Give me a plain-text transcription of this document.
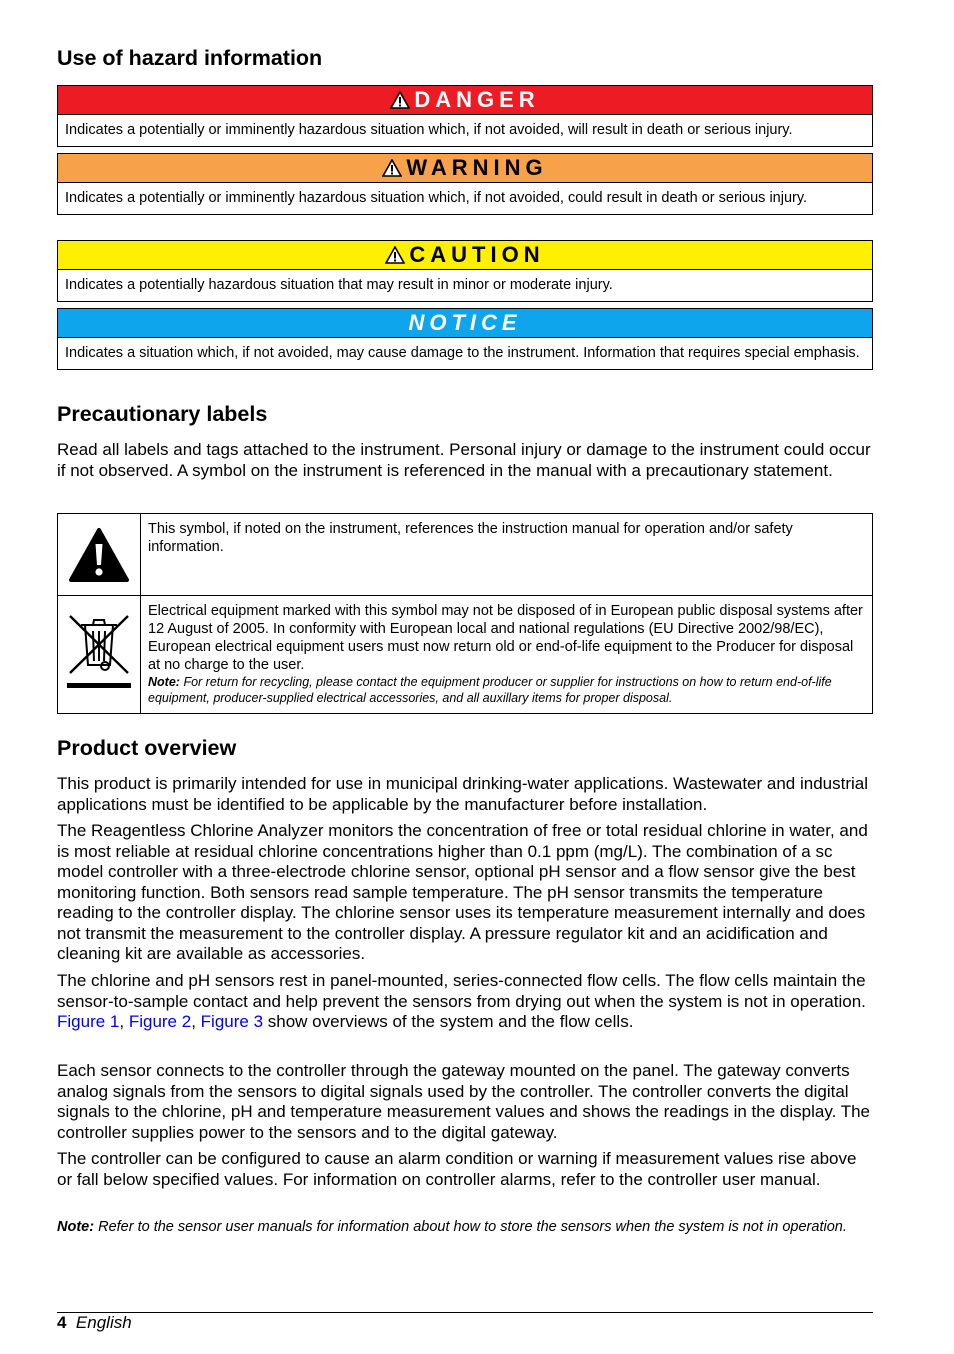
Use of hazard information
DANGER
Indicates a potentially or imminently hazardous situation which, if not avoided, will result in death or serious injury.
WARNING
Indicates a potentially or imminently hazardous situation which, if not avoided, could result in death or serious injury.
CAUTION
Indicates a potentially hazardous situation that may result in minor or moderate injury.
NOTICE
Indicates a situation which, if not avoided, may cause damage to the instrument. Information that requires special emphasis.
Precautionary labels

Read all labels and tags attached to the instrument. Personal injury or damage to the instrument could occur if not observed. A symbol on the instrument is referenced in the manual with a precautionary statement.

	This symbol, if noted on the instrument, references the instruction manual for operation and/or safety information.

Electrical equipment marked with this symbol may not be disposed of in European public disposal systems after 12 August of 2005. In conformity with European local and national regulations (EU Directive 2002/98/EC), European electrical equipment users must now return old or end-of-life equipment to the Producer for disposal at no charge to the user.
Note: For return for recycling, please contact the equipment producer or supplier for instructions on how to return end-of-life equipment, producer-supplied electrical accessories, and all auxillary items for proper disposal.
Product overview

This product is primarily intended for use in municipal drinking-water applications. Wastewater and industrial applications must be identified to be applicable by the manufacturer before installation.

The Reagentless Chlorine Analyzer monitors the concentration of free or total residual chlorine in water, and is most reliable at residual chlorine concentrations higher than 0.1 ppm (mg/L). The combination of a sc model controller with a three-electrode chlorine sensor, optional pH sensor and a flow sensor give the best monitoring function. Both sensors read sample temperature. The pH sensor transmits the temperature reading to the controller display. The chlorine sensor uses its temperature measurement internally and does not transmit the measurement to the controller display. A pressure regulator kit and an acidification and cleaning kit are available as accessories.

The chlorine and pH sensors rest in panel-mounted, series-connected flow cells. The flow cells maintain the sensor-to-sample contact and help prevent the sensors from drying out when the system is not in operation. Figure 1, Figure 2, Figure 3 show overviews of the system and the flow cells.

Each sensor connects to the controller through the gateway mounted on the panel. The gateway converts analog signals from the sensors to digital signals used by the controller. The controller converts the digital signals to the chlorine, pH and temperature measurement values and shows the readings in the display. The controller supplies power to the sensors and to the digital gateway.

The controller can be configured to cause an alarm condition or warning if measurement values rise above or fall below specified values. For information on controller alarms, refer to the controller user manual.

Note: Refer to the sensor user manuals for information about how to store the sensors when the system is not in operation.
4 English
